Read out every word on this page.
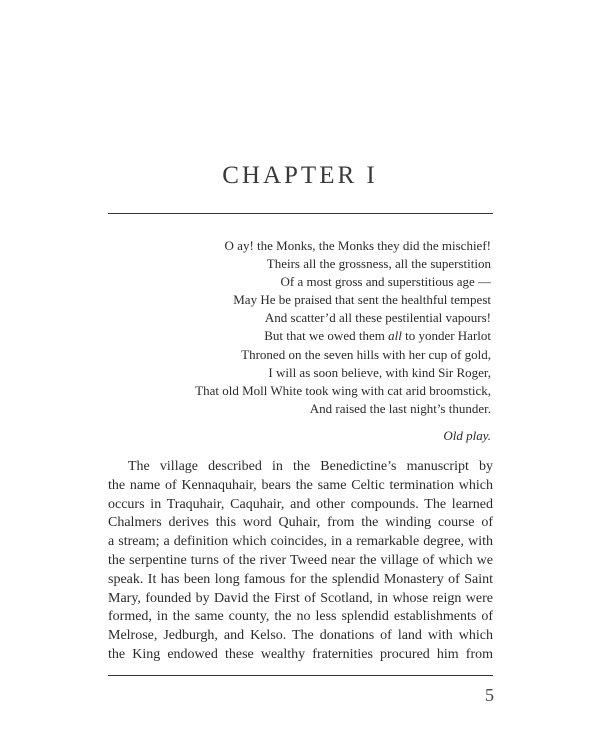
CHAPTER I
O ay! the Monks, the Monks they did the mischief!
Theirs all the grossness, all the superstition
Of a most gross and superstitious age —
May He be praised that sent the healthful tempest
And scatter’d all these pestilential vapours!
But that we owed them all to yonder Harlot
Throned on the seven hills with her cup of gold,
I will as soon believe, with kind Sir Roger,
That old Moll White took wing with cat arid broomstick,
And raised the last night’s thunder.
Old play.
The village described in the Benedictine’s manuscript by
the name of Kennaquhair, bears the same Celtic termination which
occurs in Traquhair, Caquhair, and other compounds. The learned
Chalmers derives this word Quhair, from the winding course of
a stream; a definition which coincides, in a remarkable degree, with
the serpentine turns of the river Tweed near the village of which we
speak. It has been long famous for the splendid Monastery of Saint
Mary, founded by David the First of Scotland, in whose reign were
formed, in the same county, the no less splendid establishments of
Melrose, Jedburgh, and Kelso. The donations of land with which
the King endowed these wealthy fraternities procured him from
5
